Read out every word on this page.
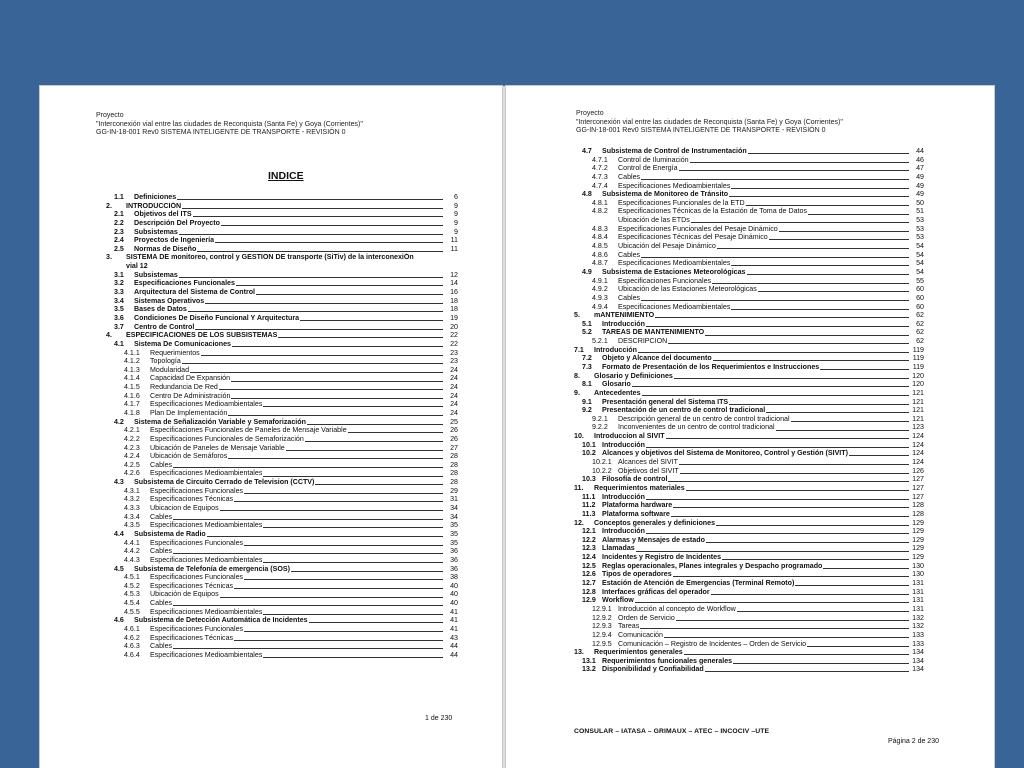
Proyecto
"Interconexión vial entre las ciudades de Reconquista (Santa Fe) y Goya (Corrientes)"
GG-IN-18-001 Rev0 SISTEMA INTELIGENTE DE TRANSPORTE - REVISIÓN 0
INDICE
1.1	Definiciones	6
2.	INTRODUCCIÓN	9
2.1	Objetivos del ITS	9
2.2	Descripción Del Proyecto	9
2.3	Subsistemas	9
2.4	Proyectos de Ingeniería	11
2.5	Normas de Diseño	11
3.	SISTEMA DE monitoreo, control y GESTION DE transporte (SiTiv) de la interconexiÓn
vial 12
3.1	Subsistemas	12
3.2	Especificaciones Funcionales	14
3.3	Arquitectura del Sistema de Control	16
3.4	Sistemas Operativos	18
3.5	Bases de Datos	18
3.6	Condiciones De Diseño Funcional Y Arquitectura	19
3.7	Centro de Control	20
4.	ESPECIFICACIONES DE LOS SUBSISTEMAS	22
4.1	Sistema De Comunicaciones	22
4.1.1	Requerimientos	23
4.1.2	Topología	23
4.1.3	Modularidad	24
4.1.4	Capacidad De Expansión	24
4.1.5	Redundancia De Red	24
4.1.6	Centro De Administración	24
4.1.7	Especificaciones Medioambientales	24
4.1.8	Plan De Implementación	24
4.2	Sistema de Señalización Variable y Semaforización	25
4.2.1	Especificaciones Funcionales de Paneles de Mensaje Variable	26
4.2.2	Especificaciones Funcionales de Semaforización	26
4.2.3	Ubicación de Paneles de Mensaje Variable	27
4.2.4	Ubicación de Semáforos	28
4.2.5	Cables	28
4.2.6	Especificaciones Medioambientales	28
4.3	Subsistema de Circuito Cerrado de Television (CCTV)	28
4.3.1	Especificaciones Funcionales	29
4.3.2	Especificaciones Técnicas	31
4.3.3	Ubicacion de Equipos	34
4.3.4	Cables	34
4.3.5	Especificaciones Medioambientales	35
4.4	Subsistema de Radio	35
4.4.1	Especificaciones Funcionales	35
4.4.2	Cables	36
4.4.3	Especificaciones Medioambientales	36
4.5	Subsistema de Telefonía de emergencia (SOS)	36
4.5.1	Especificaciones Funcionales	38
4.5.2	Especificaciones Técnicas	40
4.5.3	Ubicación de Equipos	40
4.5.4	Cables	40
4.5.5	Especificaciones Medioambientales	41
4.6	Subsistema de Detección Automática de Incidentes	41
4.6.1	Especificaciones Funcionales	41
4.6.2	Especificaciones Técnicas	43
4.6.3	Cables	44
4.6.4	Especificaciones Medioambientales	44
1 de 230
Proyecto
"Interconexión vial entre las ciudades de Reconquista (Santa Fe) y Goya (Corrientes)"
GG-IN-18-001 Rev0 SISTEMA INTELIGENTE DE TRANSPORTE - REVISIÓN 0
4.7	Subsistema de Control de Instrumentación	44
4.7.1	Control de Iluminación	46
4.7.2	Control de Energía	47
4.7.3	Cables	49
4.7.4	Especificaciones Medioambientales	49
4.8	Subsistema de Monitoreo de Tránsito	49
4.8.1	Especificaciones Funcionales de la ETD	50
4.8.2	Especificaciones Técnicas de la Estación de Toma de Datos	51
Ubicación de las ETDs	53
4.8.3	Especificaciones Funcionales del Pesaje Dinámico	53
4.8.4	Especificaciones Técnicas del Pesaje Dinámico	53
4.8.5	Ubicación del Pesaje Dinámico	54
4.8.6	Cables	54
4.8.7	Especificaciones Medioambientales	54
4.9	Subsistema de Estaciones Meteorológicas	54
4.9.1	Especificaciones Funcionales	55
4.9.2	Ubicación de las Estaciones Meteorológicas	60
4.9.3	Cables	60
4.9.4	Especificaciones Medioambientales	60
5.	mANTENIMIENTO	62
5.1	Introducción	62
5.2	TAREAS DE MANTENIMIENTO	62
5.2.1	DESCRIPCION	62
7.1	Introducción	119
7.2	Objeto y Alcance del documento	119
7.3	Formato de Presentación de los Requerimientos e Instrucciones	119
8.	Glosario y Definiciones	120
8.1	Glosario	120
9.	Antecedentes	121
9.1	Presentación general del Sistema ITS	121
9.2	Presentación de un centro de control tradicional	121
9.2.1	Descripción general de un centro de control tradicional	121
9.2.2	Inconvenientes de un centro de control tradicional	123
10.	Introduccion al SIVIT	124
10.1 Introducción	124
10.2 Alcances y objetivos del Sistema de Monitoreo, Control y Gestión (SIVIT)	124
10.2.1 Alcances del SIVIT	124
10.2.2 Objetivos del SIVIT	126
10.3 Filosofía de control	127
11.	Requerimientos materiales	127
11.1 Introducción	127
11.2 Plataforma hardware	128
11.3 Plataforma software	128
12.	Conceptos generales y definiciones	129
12.1 Introducción	129
12.2 Alarmas y Mensajes de estado	129
12.3 Llamadas	129
12.4 Incidentes y Registro de Incidentes	129
12.5 Reglas operacionales, Planes integrales y Despacho programado	130
12.6 Tipos de operadores	130
12.7 Estación de Atención de Emergencias (Terminal Remoto)	131
12.8 Interfaces gráficas del operador	131
12.9 Workflow	131
12.9.1 Introducción al concepto de Workflow	131
12.9.2 Orden de Servicio	132
12.9.3 Tareas	132
12.9.4 Comunicación	133
12.9.5 Comunicación – Registro de Incidentes – Orden de Servicio	133
13.	Requerimientos generales	134
13.1 Requerimientos funcionales generales	134
13.2 Disponibilidad y Confiabilidad	134
CONSULAR – IATASA – GRIMAUX – ATEC – INCOCIV –UTE
Página 2 de 230
